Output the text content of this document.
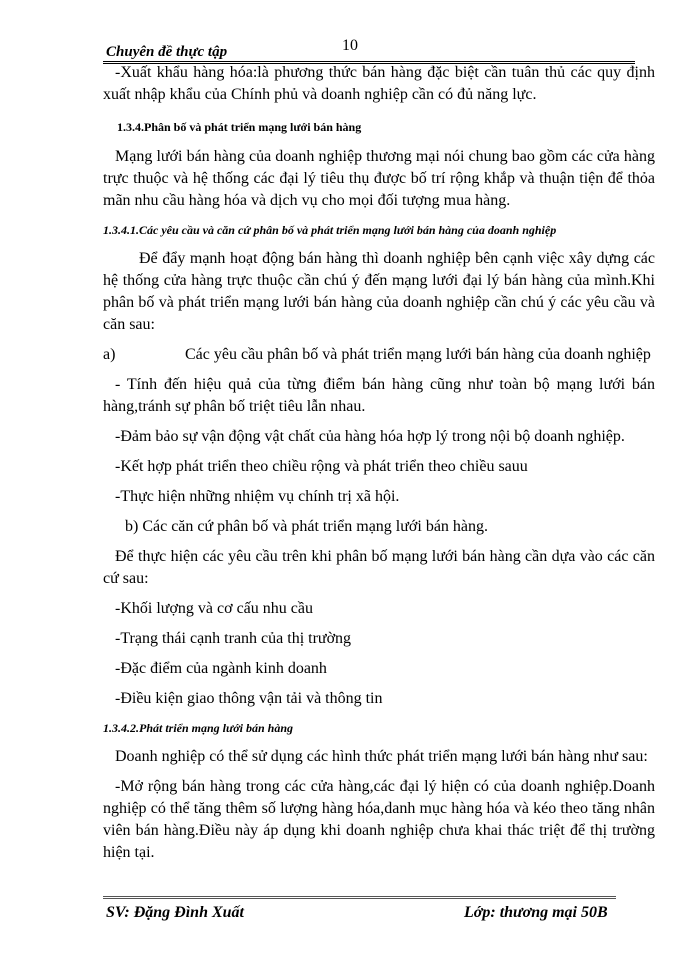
10
Chuyên đề thực tập

-Xuất khẩu hàng hóa:là phương thức bán hàng đặc biệt cần tuân thủ các quy định xuất nhập khẩu của Chính phủ và doanh nghiệp cần có đủ năng lực.

1.3.4.Phân bố và phát triển mạng lưới bán hàng

Mạng lưới bán hàng của doanh nghiệp thương mại nói chung bao gồm các cửa hàng trực thuộc và hệ thống các đại lý tiêu thụ được bố trí rộng khắp và thuận tiện để thỏa mãn nhu cầu hàng hóa và dịch vụ cho mọi đối tượng mua hàng.

1.3.4.1.Các yêu cầu và căn cứ phân bố và phát triển mạng lưới bán hàng của doanh nghiệp

Để đẩy mạnh hoạt động bán hàng thì doanh nghiệp bên cạnh việc xây dựng các hệ thống cửa hàng trực thuộc cần chú ý đến mạng lưới đại lý bán hàng của mình.Khi phân bố và phát triển mạng lưới bán hàng của doanh nghiệp cần chú ý các yêu cầu và căn sau:

a)	Các yêu cầu phân bố và phát triển mạng lưới bán hàng của doanh nghiệp

- Tính đến hiệu quả của từng điểm bán hàng cũng như toàn bộ mạng lưới bán hàng,tránh sự phân bố triệt tiêu lẫn nhau.

-Đảm bảo sự vận động vật chất của hàng hóa hợp lý trong nội bộ doanh nghiệp.

-Kết hợp phát triển theo chiều rộng và phát triển theo chiều sauu

-Thực hiện những nhiệm vụ chính trị xã hội.

b) Các căn cứ phân bố và phát triển mạng lưới bán hàng.

Để thực hiện các yêu cầu trên khi phân bố mạng lưới bán hàng cần dựa vào các căn cứ sau:

-Khối lượng và cơ cấu nhu cầu

-Trạng thái cạnh tranh của thị trường

-Đặc điểm của ngành kinh doanh

-Điều kiện giao thông vận tải và thông tin

1.3.4.2.Phát triển mạng lưới bán hàng

Doanh nghiệp có thể sử dụng các hình thức phát triển mạng lưới bán hàng như sau:

-Mở rộng bán hàng trong các cửa hàng,các đại lý hiện có của doanh nghiệp.Doanh nghiệp có thể tăng thêm số lượng hàng hóa,danh mục hàng hóa và kéo theo tăng nhân viên bán hàng.Điều này áp dụng khi doanh nghiệp chưa khai thác triệt để thị trường hiện tại.

SV: Đặng Đình Xuất	Lớp: thương mại 50B
